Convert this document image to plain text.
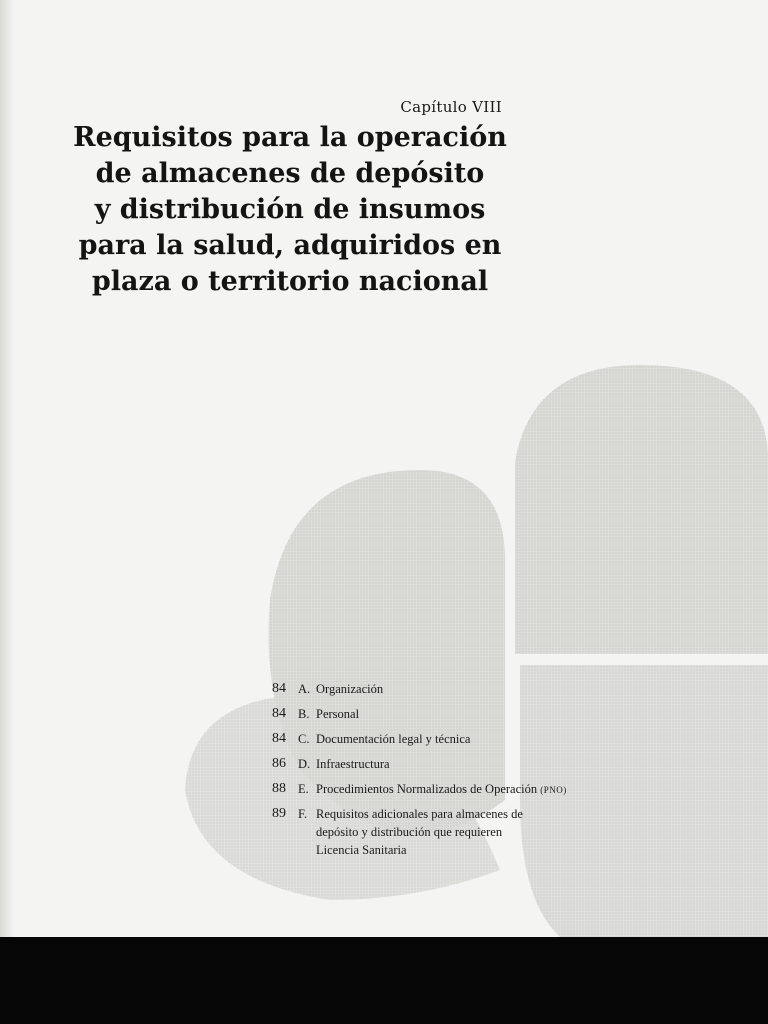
Capítulo VIII
Requisitos para la operación
de almacenes de depósito
y distribución de insumos
para la salud, adquiridos en
plaza o territorio nacional
84 A. Organización
84 B. Personal
84 C. Documentación legal y técnica
86 D. Infraestructura
88 E. Procedimientos Normalizados de Operación (PNO)
89 F. Requisitos adicionales para almacenes de
depósito y distribución que requieren
Licencia Sanitaria
